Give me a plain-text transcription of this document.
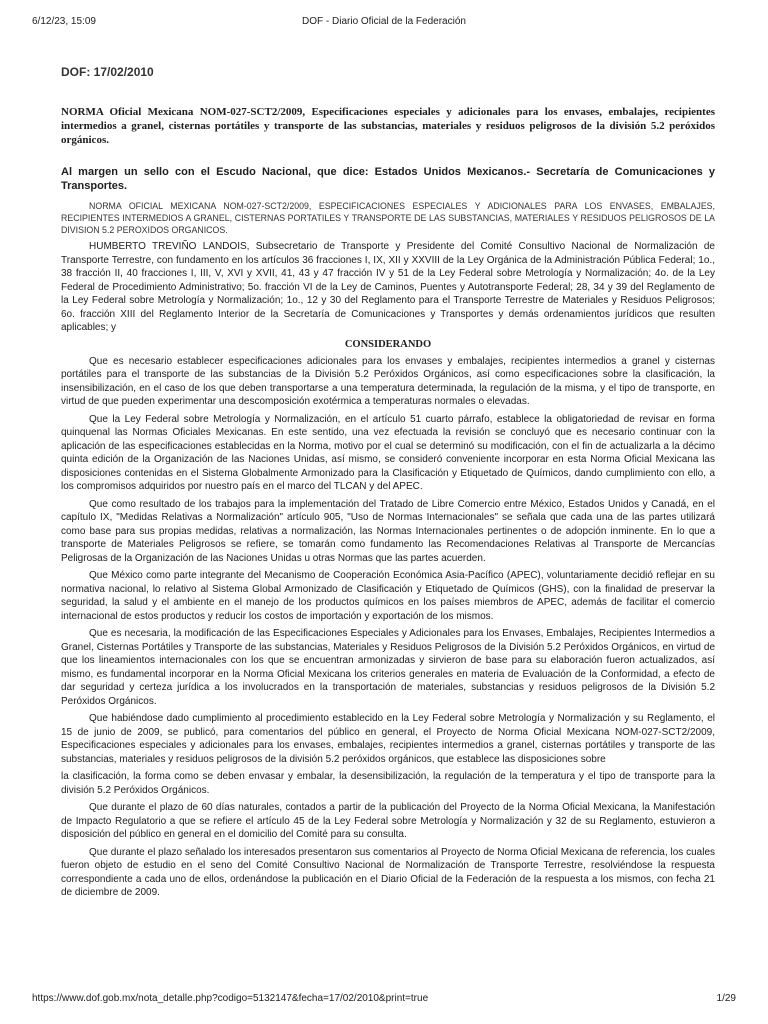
6/12/23, 15:09	DOF - Diario Oficial de la Federación
DOF: 17/02/2010
NORMA Oficial Mexicana NOM-027-SCT2/2009, Especificaciones especiales y adicionales para los envases, embalajes, recipientes intermedios a granel, cisternas portátiles y transporte de las substancias, materiales y residuos peligrosos de la división 5.2 peróxidos orgánicos.
Al margen un sello con el Escudo Nacional, que dice: Estados Unidos Mexicanos.- Secretaría de Comunicaciones y Transportes.

NORMA OFICIAL MEXICANA NOM-027-SCT2/2009, ESPECIFICACIONES ESPECIALES Y ADICIONALES PARA LOS ENVASES, EMBALAJES, RECIPIENTES INTERMEDIOS A GRANEL, CISTERNAS PORTATILES Y TRANSPORTE DE LAS SUBSTANCIAS, MATERIALES Y RESIDUOS PELIGROSOS DE LA DIVISION 5.2 PEROXIDOS ORGANICOS.

HUMBERTO TREVIÑO LANDOIS, Subsecretario de Transporte y Presidente del Comité Consultivo Nacional de Normalización de Transporte Terrestre, con fundamento en los artículos 36 fracciones I, IX, XII y XXVIII de la Ley Orgánica de la Administración Pública Federal; 1o., 38 fracción II, 40 fracciones I, III, V, XVI y XVII, 41, 43 y 47 fracción IV y 51 de la Ley Federal sobre Metrología y Normalización; 4o. de la Ley Federal de Procedimiento Administrativo; 5o. fracción VI de la Ley de Caminos, Puentes y Autotransporte Federal; 28, 34 y 39 del Reglamento de la Ley Federal sobre Metrología y Normalización; 1o., 12 y 30 del Reglamento para el Transporte Terrestre de Materiales y Residuos Peligrosos; 6o. fracción XIII del Reglamento Interior de la Secretaría de Comunicaciones y Transportes y demás ordenamientos jurídicos que resulten aplicables; y

CONSIDERANDO

Que es necesario establecer especificaciones adicionales para los envases y embalajes, recipientes intermedios a granel y cisternas portátiles para el transporte de las substancias de la División 5.2 Peróxidos Orgánicos, así como especificaciones sobre la clasificación, la insensibilización, en el caso de los que deben transportarse a una temperatura determinada, la regulación de la misma, y el tipo de transporte, en virtud de que pueden experimentar una descomposición exotérmica a temperaturas normales o elevadas.

Que la Ley Federal sobre Metrología y Normalización, en el artículo 51 cuarto párrafo, establece la obligatoriedad de revisar en forma quinquenal las Normas Oficiales Mexicanas. En este sentido, una vez efectuada la revisión se concluyó que es necesario continuar con la aplicación de las especificaciones establecidas en la Norma, motivo por el cual se determinó su modificación, con el fin de actualizarla a la décimo quinta edición de la Organización de las Naciones Unidas, así mismo, se consideró conveniente incorporar en esta Norma Oficial Mexicana las disposiciones contenidas en el Sistema Globalmente Armonizado para la Clasificación y Etiquetado de Químicos, dando cumplimiento con ello, a los compromisos adquiridos por nuestro país en el marco del TLCAN y del APEC.

Que como resultado de los trabajos para la implementación del Tratado de Libre Comercio entre México, Estados Unidos y Canadá, en el capítulo IX, "Medidas Relativas a Normalización" artículo 905, "Uso de Normas Internacionales" se señala que cada una de las partes utilizará como base para sus propias medidas, relativas a normalización, las Normas Internacionales pertinentes o de adopción inminente. En lo que a transporte de Materiales Peligrosos se refiere, se tomarán como fundamento las Recomendaciones Relativas al Transporte de Mercancías Peligrosas de la Organización de las Naciones Unidas u otras Normas que las partes acuerden.

Que México como parte integrante del Mecanismo de Cooperación Económica Asia-Pacífico (APEC), voluntariamente decidió reflejar en su normativa nacional, lo relativo al Sistema Global Armonizado de Clasificación y Etiquetado de Químicos (GHS), con la finalidad de preservar la seguridad, la salud y el ambiente en el manejo de los productos químicos en los países miembros de APEC, además de facilitar el comercio internacional de estos productos y reducir los costos de importación y exportación de los mismos.

Que es necesaria, la modificación de las Especificaciones Especiales y Adicionales para los Envases, Embalajes, Recipientes Intermedios a Granel, Cisternas Portátiles y Transporte de las substancias, Materiales y Residuos Peligrosos de la División 5.2 Peróxidos Orgánicos, en virtud de que los lineamientos internacionales con los que se encuentran armonizadas y sirvieron de base para su elaboración fueron actualizados, así mismo, es fundamental incorporar en la Norma Oficial Mexicana los criterios generales en materia de Evaluación de la Conformidad, a efecto de dar seguridad y certeza jurídica a los involucrados en la transportación de materiales, substancias y residuos peligrosos de la División 5.2 Peróxidos Orgánicos.

Que habiéndose dado cumplimiento al procedimiento establecido en la Ley Federal sobre Metrología y Normalización y su Reglamento, el 15 de junio de 2009, se publicó, para comentarios del público en general, el Proyecto de Norma Oficial Mexicana NOM-027-SCT2/2009, Especificaciones especiales y adicionales para los envases, embalajes, recipientes intermedios a granel, cisternas portátiles y transporte de las substancias, materiales y residuos peligrosos de la división 5.2 peróxidos orgánicos, que establece las disposiciones sobre

la clasificación, la forma como se deben envasar y embalar, la desensibilización, la regulación de la temperatura y el tipo de transporte para la división 5.2 Peróxidos Orgánicos.

Que durante el plazo de 60 días naturales, contados a partir de la publicación del Proyecto de la Norma Oficial Mexicana, la Manifestación de Impacto Regulatorio a que se refiere el artículo 45 de la Ley Federal sobre Metrología y Normalización y 32 de su Reglamento, estuvieron a disposición del público en general en el domicilio del Comité para su consulta.

Que durante el plazo señalado los interesados presentaron sus comentarios al Proyecto de Norma Oficial Mexicana de referencia, los cuales fueron objeto de estudio en el seno del Comité Consultivo Nacional de Normalización de Transporte Terrestre, resolviéndose la respuesta correspondiente a cada uno de ellos, ordenándose la publicación en el Diario Oficial de la Federación de la respuesta a los mismos, con fecha 21 de diciembre de 2009.

https://www.dof.gob.mx/nota_detalle.php?codigo=5132147&fecha=17/02/2010&print=true	1/29
